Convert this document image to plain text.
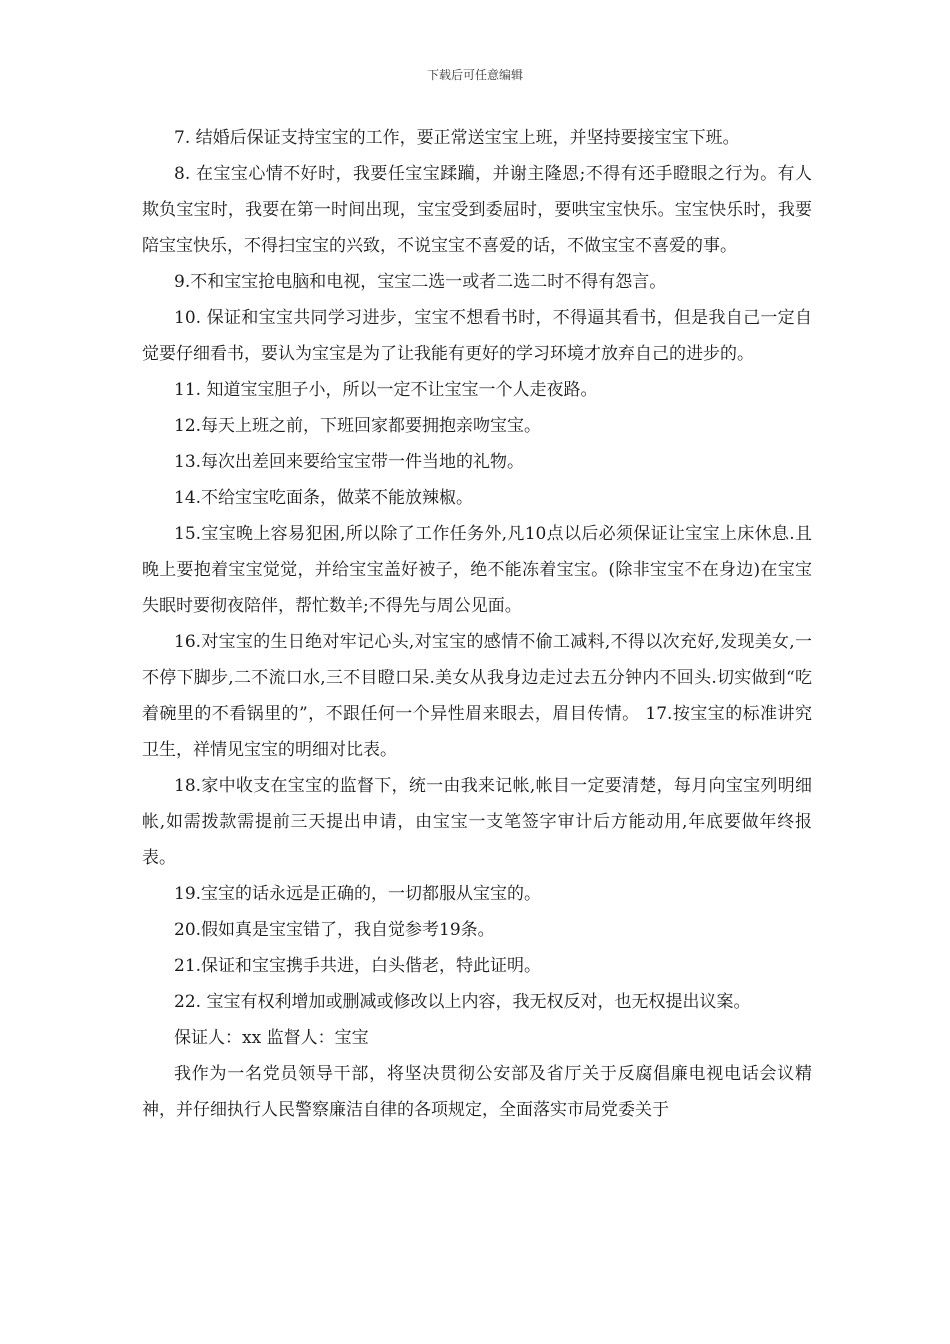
下载后可任意编辑

7. 结婚后保证支持宝宝的工作，要正常送宝宝上班，并坚持要接宝宝下班。

8. 在宝宝心情不好时，我要任宝宝蹂躏，并谢主隆恩;不得有还手瞪眼之行为。有人欺负宝宝时，我要在第一时间出现，宝宝受到委屈时，要哄宝宝快乐。宝宝快乐时，我要陪宝宝快乐，不得扫宝宝的兴致，不说宝宝不喜爱的话，不做宝宝不喜爱的事。

9.不和宝宝抢电脑和电视，宝宝二选一或者二选二时不得有怨言。

10. 保证和宝宝共同学习进步，宝宝不想看书时，不得逼其看书，但是我自己一定自觉要仔细看书，要认为宝宝是为了让我能有更好的学习环境才放弃自己的进步的。

11. 知道宝宝胆子小，所以一定不让宝宝一个人走夜路。

12.每天上班之前，下班回家都要拥抱亲吻宝宝。

13.每次出差回来要给宝宝带一件当地的礼物。

14.不给宝宝吃面条，做菜不能放辣椒。

15.宝宝晚上容易犯困,所以除了工作任务外,凡10点以后必须保证让宝宝上床休息.且晚上要抱着宝宝觉觉，并给宝宝盖好被子，绝不能冻着宝宝。(除非宝宝不在身边)在宝宝失眠时要彻夜陪伴，帮忙数羊;不得先与周公见面。

16.对宝宝的生日绝对牢记心头,对宝宝的感情不偷工减料,不得以次充好,发现美女,一不停下脚步,二不流口水,三不目瞪口呆.美女从我身边走过去五分钟内不回头.切实做到“吃着碗里的不看锅里的”，不跟任何一个异性眉来眼去，眉目传情。 17.按宝宝的标准讲究卫生，祥情见宝宝的明细对比表。

18.家中收支在宝宝的监督下，统一由我来记帐,帐目一定要清楚，每月向宝宝列明细帐,如需拨款需提前三天提出申请，由宝宝一支笔签字审计后方能动用,年底要做年终报表。

19.宝宝的话永远是正确的，一切都服从宝宝的。

20.假如真是宝宝错了，我自觉参考19条。

21.保证和宝宝携手共进，白头偕老，特此证明。

22. 宝宝有权利增加或删减或修改以上内容，我无权反对，也无权提出议案。

保证人：xx 监督人：宝宝

我作为一名党员领导干部，将坚决贯彻公安部及省厅关于反腐倡廉电视电话会议精神，并仔细执行人民警察廉洁自律的各项规定，全面落实市局党委关于
